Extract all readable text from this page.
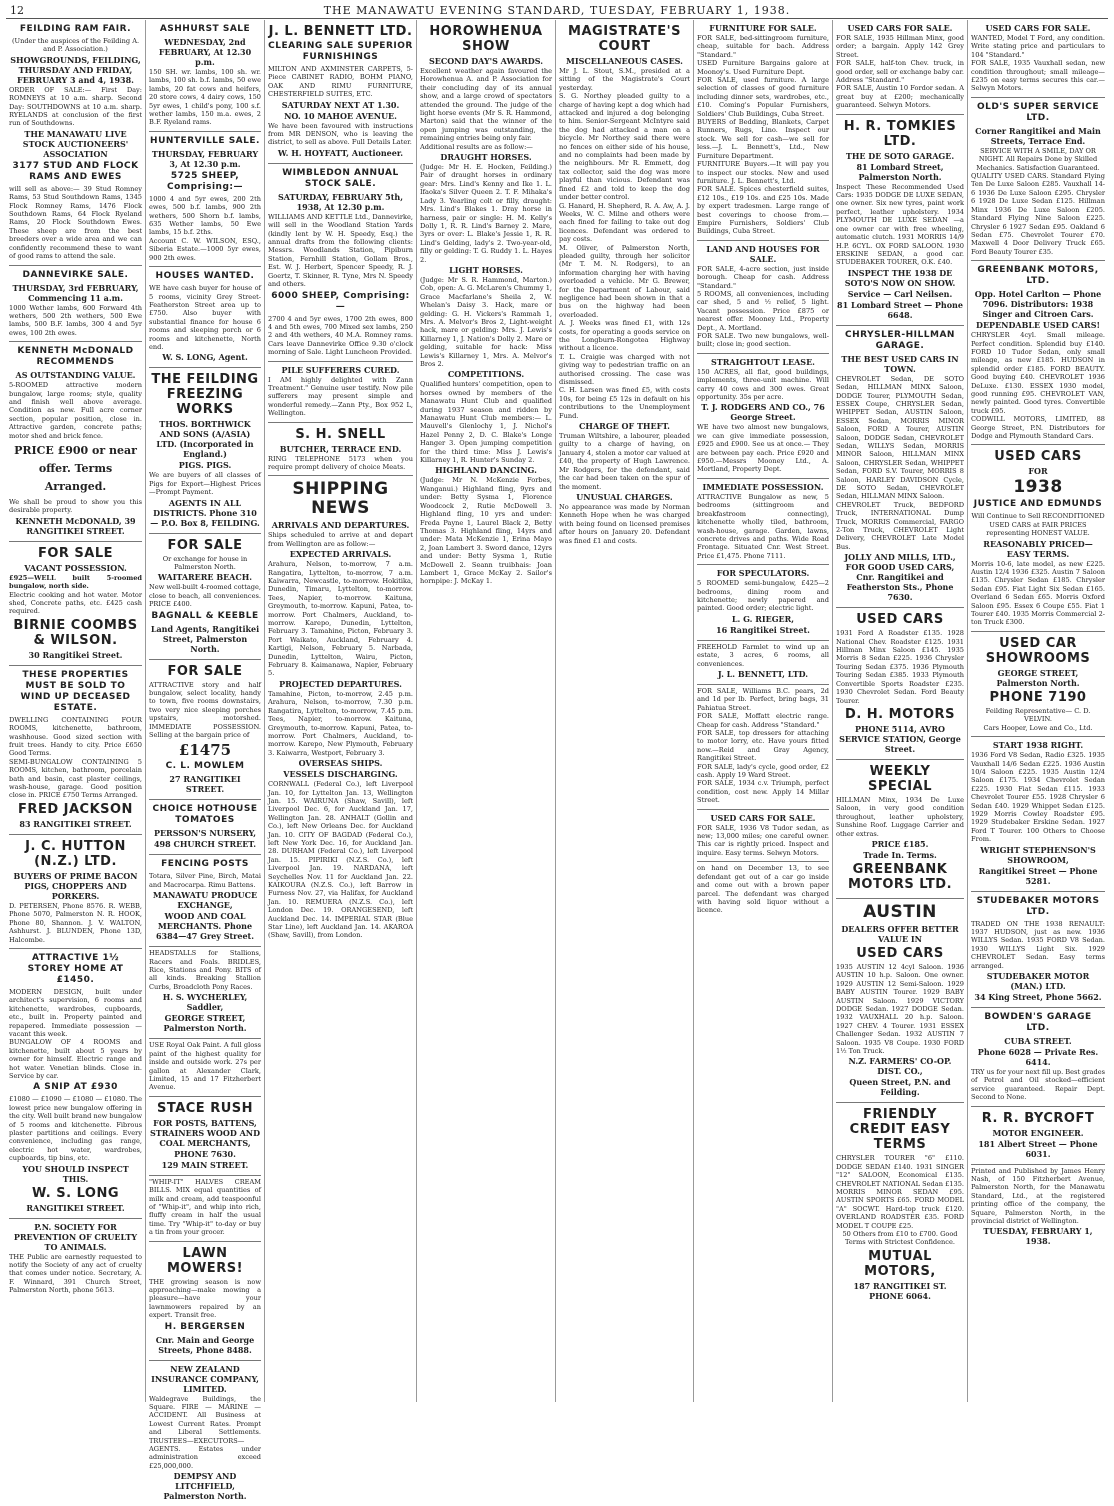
12	THE MANAWATU EVENING STANDARD, TUESDAY, FEBRUARY 1, 1938.
FEILDING RAM FAIR.

(Under the auspices of the Feilding A. and P. Association.)

SHOWGROUNDS, FEILDING, THURSDAY AND FRIDAY, FEBRUARY 3 and 4, 1938.

ORDER OF SALE:— First Day: ROMNEYS at 10 a.m. sharp. Second Day: SOUTHDOWNS at 10 a.m. sharp. RYELANDS at conclusion of the first run of Southdowns.

THE MANAWATU LIVE STOCK AUCTIONEERS' ASSOCIATION
3177 STUD AND FLOCK RAMS AND EWES

will sell as above:— 39 Stud Romney Rams, 53 Stud Southdown Rams, 1345 Flock Romney Rams, 1476 Flock Southdown Rams, 64 Flock Ryeland Rams, 20 Flock Southdown Ewes. These sheep are from the best breeders over a wide area and we can confidently recommend these to want of good rams to attend the sale.

DANNEVIRKE SALE.
THURSDAY, 3rd FEBRUARY, Commencing 11 a.m.

1000 Wether lambs, 600 Forward 4th wethers, 500 2th wethers, 500 Ewe lambs, 500 B.F. lambs, 300 4 and 5yr ewes, 100 2th ewes.

KENNETH McDONALD RECOMMENDS
AS OUTSTANDING VALUE.

5-ROOMED attractive modern bungalow, large rooms; style, quality and finish well above average. Condition as new. Full acre corner section, popular position, close in. Attractive garden, concrete paths; motor shed and brick fence.

PRICE £900 or near offer. Terms Arranged.

We shall be proud to show you this desirable property.

KENNETH McDONALD, 39 RANGITIKEI STREET.
FOR SALE
VACANT POSSESSION.

£925—WELL built 5-roomed bungalow, north side.

Electric cooking and hot water. Motor shed, Concrete paths, etc. £425 cash required.

BIRNIE COOMBS & WILSON.
30 Rangitikei Street.
THESE PROPERTIES MUST BE SOLD TO WIND UP DECEASED ESTATE.

DWELLING CONTAINING FOUR ROOMS, kitchenette, bathroom, washhouse. Good sized section with fruit trees. Handy to city. Price £650 Good Terms.

SEMI-BUNGALOW CONTAINING 5 ROOMS, kitchen, bathroom, porcelain bath and basin, cast plaster ceilings, wash-house, garage. Good position close in. PRICE £750 Terms Arranged.

FRED JACKSON
83 RANGITIKEI STREET.
J. C. HUTTON (N.Z.) LTD.
BUYERS OF PRIME BACON PIGS, CHOPPERS AND PORKERS.

D. PETERSEN, Phone 8576. R. WEBB, Phone 5070, Palmerston N. R. HOOK, Phone 80, Shannon. J. V. WALTON, Ashhurst. J. BLUNDEN, Phone 13D, Halcombe.

ATTRACTIVE 1½ STOREY HOME AT £1450.

MODERN DESIGN, built under architect's supervision, 6 rooms and kitchenette, wardrobes, cupboards, etc., built in. Property painted and repapered. Immediate possession — vacant this week.

BUNGALOW OF 4 ROOMS and kitchenette, built about 5 years by owner for himself. Electric range and hot water. Venetian blinds. Close in. Service by car.

A SNIP AT £930

£1080 — £1090 — £1080 — £1080. The lowest price new bungalow offering in the city. Well built brand new bungalow of 5 rooms and kitchenette. Fibrous plaster partitions and ceilings. Every convenience, including gas range, electric hot water, wardrobes, cupboards, tip bins, etc.

YOU SHOULD INSPECT THIS.
W. S. LONG
RANGITIKEI STREET.
P.N. SOCIETY FOR PREVENTION OF CRUELTY TO ANIMALS.

THE Public are earnestly requested to notify the Society of any act of cruelty that comes under notice. Secretary, A. F. Winnard, 391 Church Street, Palmerston North, phone 5613.

ASHHURST SALE
WEDNESDAY, 2nd FEBRUARY, At 12.30 p.m.

150 SH. wr. lambs, 100 sh. wr. lambs, 100 sh. b.f. lambs, 50 ewe lambs, 20 fat cows and heifers, 20 store cows, 4 dairy cows, 150 5yr ewes, 1 child's pony, 100 s.f. wether lambs, 150 m.a. ewes, 2 B.F. Ryeland rams.

HUNTERVILLE SALE.
THURSDAY, FEBRUARY 3, At 12.30 p.m.
5725 SHEEP, Comprising:—

1000 4 and 5yr ewes, 200 2th ewes, 500 b.f. lambs, 900 2th wethers, 500 Shorn b.f. lambs, 635 Wether lambs, 50 Ewe lambs, 15 b.f. 2ths.

Account C. W. WILSON, ESQ., Siberia Estate.—1000 5yr ewes, 900 2th ewes.

HOUSES WANTED.

WE have cash buyer for house of 5 rooms, vicinity Grey Street-Featherston Street area up to £750. Also buyer with substantial finance for house 6 rooms and sleeping porch or 6 rooms and kitchenette, North end.

W. S. LONG, Agent.
THE FEILDING FREEZING WORKS
THOS. BORTHWICK AND SONS (A/ASIA) LTD. (Incorporated in England.)
PIGS. PIGS.

We are buyers of all classes of Pigs for Export—Highest Prices—Prompt Payment.

AGENTS IN ALL DISTRICTS. Phone 310 — P.O. Box 8, FEILDING.
FOR SALE

Or exchange for house in Palmerston North.

WAITARERE BEACH.

New well-built 4-roomed cottage, close to beach, all conveniences. PRICE £400.

BAGNALL & KEEBLE
Land Agents, Rangitikei Street, Palmerston North.
FOR SALE

ATTRACTIVE story and half bungalow, select locality, handy to town, five rooms downstairs, two very nice sleeping porches upstairs, motorshed. IMMEDIATE POSSESSION. Selling at the bargain price of

£1475
C. L. MOWLEM
27 RANGITIKEI STREET.
CHOICE HOTHOUSE TOMATOES
PERSSON'S NURSERY,
498 CHURCH STREET.
FENCING POSTS

Totara, Silver Pine, Birch, Matai and Macrocarpa. Rimu Battens.

MANAWATU PRODUCE EXCHANGE,
WOOD AND COAL MERCHANTS. Phone 6384—47 Grey Street.

HEADSTALLS for Stallions, Racers and Foals. BRIDLES, Rice, Stations and Pony. BITS of all kinds. Breaking Stallion Curbs, Broadcloth Pony Races.

H. S. WYCHERLEY, Saddler,
GEORGE STREET, Palmerston North.

USE Royal Oak Paint. A full gloss paint of the highest quality for inside and outside work. 27s per gallon at Alexander Clark, Limited, 15 and 17 Fitzherbert Avenue.

STACE RUSH
FOR POSTS, BATTENS, STRAINERS WOOD AND COAL MERCHANTS,
PHONE 7630.
129 MAIN STREET.

"WHIP-IT" HALVES CREAM BILLS. MIX equal quantities of milk and cream, add teaspoonful of "Whip-it", and whip into rich, fluffy cream in half the usual time. Try "Whip-it" to-day or buy a tin from your grocer.

LAWN MOWERS!

THE growing season is now approaching—make mowing a pleasure—have your lawnmowers repaired by an expert. Transit free.

H. BERGERSEN
Cnr. Main and George Streets, Phone 8488.
NEW ZEALAND INSURANCE COMPANY, LIMITED.

Waldegrave Buildings, the Square. FIRE — MARINE — ACCIDENT. All Business at Lowest Current Rates. Prompt and Liberal Settlements. TRUSTEES—EXECUTORS—AGENTS. Estates under administration exceed £25,000,000.

DEMPSY AND LITCHFIELD, Palmerston North.
J. L. BENNETT LTD.
CLEARING SALE SUPERIOR FURNISHINGS

MILTON AND AXMINSTER CARPETS, 5-Piece CABINET RADIO, BOHM PIANO, OAK AND RIMU FURNITURE, CHESTERFIELD SUITES, ETC.

SATURDAY NEXT AT 1.30.
NO. 10 MAHOE AVENUE.

We have been favoured with instructions from MR DENSON, who is leaving the district, to sell as above. Full Details Later.

W. H. HOYFATT, Auctioneer.
WIMBLEDON ANNUAL STOCK SALE.
SATURDAY, FEBRUARY 5th, 1938, At 12.30 p.m.

WILLIAMS AND KETTLE Ltd., Dannevirke, will sell in the Woodland Station Yards (kindly lent by W. H. Speedy, Esq.) the annual drafts from the following clients: Messrs. Woodlands Station, Pipiburn Station, Fernhill Station, Gollam Bros., Est. W. J. Herbert, Spencer Speedy, R. J. Goertz, T. Skinner, R. Tyne, Mrs N. Speedy and others.

6000 SHEEP, Comprising:—

2700 4 and 5yr ewes, 1700 2th ewes, 800 4 and 5th ewes, 700 Mixed sex lambs, 250 2 and 4th wethers, 40 M.A. Romney rams. Cars leave Dannevirke Office 9.30 o'clock morning of Sale. Light Luncheon Provided.

PILE SUFFERERS CURED.

I AM highly delighted with Zann Treatment." Genuine user testify. Now pile sufferers may present simple and wonderful remedy.—Zann Pty., Box 952 L, Wellington.

S. H. SNELL
BUTCHER, TERRACE END.

RING TELEPHONE 5173 when you require prompt delivery of choice Meats.

SHIPPING NEWS
ARRIVALS AND DEPARTURES.

Ships scheduled to arrive at and depart from Wellington are as follow:—

EXPECTED ARRIVALS.

Arahura, Nelson, to-morrow, 7 a.m. Rangatira, Lyttelton, to-morrow, 7 a.m. Kaiwarra, Newcastle, to-morrow. Hokitika, Dunedin, Timaru, Lyttelton, to-morrow. Tees, Napier, to-morrow. Kaituna, Greymouth, to-morrow. Kapuni, Patea, to-morrow. Port Chalmers, Auckland, to-morrow. Karepo, Dunedin, Lyttelton, February 3. Tamahine, Picton, February 3. Port Waikato, Auckland, February 4. Kartigi, Nelson, February 5. Narbada, Dunedin, Lyttelton, Wairu, Picton, February 8. Kaimanawa, Napier, February 5.

PROJECTED DEPARTURES.

Tamahine, Picton, to-morrow, 2.45 p.m. Arahura, Nelson, to-morrow, 7.30 p.m. Rangatira, Lyttelton, to-morrow, 7.45 p.m. Tees, Napier, to-morrow. Kaituna, Greymouth, to-morrow. Kapuni, Patea, to-morrow. Port Chalmers, Auckland, to-morrow. Karepo, New Plymouth, February 3. Kaiwarra, Westport, February 3.

OVERSEAS SHIPS.
VESSELS DISCHARGING.

CORNWALL (Federal Co.), left Liverpool Jan. 10, for Lyttelton Jan. 13, Wellington Jan. 15. WAIRUNA (Shaw, Savill), left Liverpool Dec. 6, for Auckland Jan. 17, Wellington Jan. 28. ANHALT (Gollin and Co.), left New Orleans Dec. for Auckland Jan. 10. CITY OF BAGDAD (Federal Co.), left New York Dec. 16, for Auckland Jan. 28. DURHAM (Federal Co.), left Liverpool Jan. 15. PIPIRIKI (N.Z.S. Co.), left Liverpool Jan. 19. NARDANA, left Seychelles Nov. 11 for Auckland Jan. 22. KAIKOURA (N.Z.S. Co.), left Barrow in Furness Nov. 27, via Halifax, for Auckland Jan. 10. REMUERA (N.Z.S. Co.), left London Dec. 19. ORANGESEND, left Auckland Dec. 14. IMPERIAL STAR (Blue Star Line), left Auckland Jan. 14. AKAROA (Shaw, Savill), from London.

HOROWHENUA SHOW
SECOND DAY'S AWARDS.

Excellent weather again favoured the Horowhenua A. and P. Association for their concluding day of its annual show, and a large crowd of spectators attended the ground. The judge of the light horse events (Mr S. R. Hammond, Marton) said that the winner of the open jumping was outstanding, the remaining entries being only fair.

Additional results are as follow:—

DRAUGHT HORSES.

(Judge: Mr H. E. Hocken, Feilding.) Pair of draught horses in ordinary gear: Mrs. Lind's Kenny and Ike 1. L. Ifaoka's Silver Queen 2. T. F. Mihaka's Lady 3. Yearling colt or filly, draught: Mrs. Lind's Blakes 1. Dray horse in harness, pair or single: H. M. Kelly's Dolly 1, R. R. Lind's Barney 2. Mare, 3yrs or over: L. Blake's Jessie 1, R. R. Lind's Gelding, lady's 2. Two-year-old, filly or gelding: T. G. Ruddy 1. L. Hayes 2.

LIGHT HORSES.

(Judge: Mr S. R. Hammond, Marton.) Cob, open: A. G. McLaren's Chummy 1, Grace Macfarlane's Sheila 2, W. Whelan's Daisy 3. Hack, mare or gelding: G. H. Vickers's Rammah 1, Mrs. A. Melvor's Bros 2, Light-weight hack, mare or gelding: Mrs. J. Lewis's Killarney 1, J. Nation's Dolly 2. Mare or gelding, suitable for hack: Miss Lewis's Killarney 1, Mrs. A. Melvor's Bros 2.

COMPETITIONS.

Qualified hunters' competition, open to horses owned by members of the Manawatu Hunt Club and qualified during 1937 season and ridden by Manawatu Hunt Club members:— L. Mauvell's Glenlochy 1, J. Nichol's Hazel Penny 2, D. C. Blake's Longe Hanger 3. Open jumping competition for the third time: Miss J. Lewis's Killarney 1, R. Hunter's Sunday 2.

HIGHLAND DANCING.

(Judge: Mr N. McKenzie Forbes, Wanganui.) Highland fling, 9yrs and under: Betty Sysma 1, Florence Woodcock 2, Rutie McDowell 3. Highland fling, 10 yrs and under: Freda Payne 1, Laurel Black 2, Betty Thomas 3. Highland fling, 14yrs and under: Mata McKenzie 1, Erina Mayo 2, Joan Lambert 3. Sword dance, 12yrs and under: Betty Sysma 1, Rutie McDowell 2. Seann truibhais: Joan Lambert 1, Grace McKay 2. Sailor's hornpipe: J. McKay 1.

MAGISTRATE'S COURT
MISCELLANEOUS CASES.

Mr J. L. Stout, S.M., presided at a sitting of the Magistrate's Court yesterday.

S. G. Northey pleaded guilty to a charge of having kept a dog which had attacked and injured a dog belonging to him. Senior-Sergeant McIntyre said the dog had attacked a man on a bicycle. Mr Northey said there were no fences on either side of his house, and no complaints had been made by the neighbours. Mr R. Emmett, dog tax collector, said the dog was more playful than vicious. Defendant was fined £2 and told to keep the dog under better control.

G. Hanard, H. Shepherd, R. A. Aw, A. J. Weeks, W. C. Milne and others were each fined for failing to take out dog licences. Defendant was ordered to pay costs.

M. Oliver, of Palmerston North, pleaded guilty, through her solicitor (Mr T. M. N. Rodgers), to an information charging her with having overloaded a vehicle. Mr G. Brewer, for the Department of Labour, said negligence had been shown in that a bus on the highway had been overloaded.

A. J. Weeks was fined £1, with 12s costs, for operating a goods service on the Longburn-Rongotea Highway without a licence.

T. L. Craigie was charged with not giving way to pedestrian traffic on an authorised crossing. The case was dismissed.

C. H. Larsen was fined £5, with costs 10s, for being £5 12s in default on his contributions to the Unemployment Fund.

CHARGE OF THEFT.

Truman Wiltshire, a labourer, pleaded guilty to a charge of having, on January 4, stolen a motor car valued at £40, the property of Hugh Lawrence. Mr Rodgers, for the defendant, said the car had been taken on the spur of the moment.

UNUSUAL CHARGES.

No appearance was made by Norman Kenneth Hope when he was charged with being found on licensed premises after hours on January 20. Defendant was fined £1 and costs.

FURNITURE FOR SALE.

FOR SALE, bed-sittingroom furniture, cheap, suitable for bach. Address "Standard."

USED Furniture Bargains galore at Moonoy's. Used Furniture Dept.

FOR SALE, used furniture. A large selection of classes of good furniture including dinner sets, wardrobes, etc., £10. Coming's Popular Furnishers, Soldiers' Club Buildings, Cuba Street.

BUYERS of Bedding, Blankets, Carpet Runners, Rugs, Lino. Inspect our stock. We sell for cash—we sell for less.—J. L. Bennett's, Ltd., New Furniture Department.

FURNITURE Buyers.—It will pay you to inspect our stocks. New and used furniture. J. L. Bennett's, Ltd.

FOR SALE. Spices chesterfield suites, £12 10s., £19 10s. and £25 10s. Made by expert tradesmen. Large range of best coverings to choose from.—Empire Furnishers, Soldiers' Club Buildings, Cuba Street.

LAND AND HOUSES FOR SALE.

FOR SALE, 4-acre section, just inside borough. Cheap for cash. Address "Standard."

5 ROOMS, all conveniences, including car shed, 5 and ½ relief, 5 light. Vacant possession. Price £875 or nearest offer. Mooney Ltd., Property Dept., A. Mortland.

FOR SALE. Two new bungalows, well-built; close in; good section.

STRAIGHTOUT LEASE.

150 ACRES, all flat, good buildings, implements, three-unit machine. Will carry 40 cows and 300 ewes. Great opportunity. 35s per acre.

T. J. RODGERS AND CO., 76 George Street.

WE have two almost new bungalows, we can give immediate possession, £925 and £900. See us at once.— They are between pay each. Price £920 and £950.—Messrs Mooney Ltd., A. Mortland, Property Dept.

IMMEDIATE POSSESSION.

ATTRACTIVE Bungalow as new, 5 bedrooms (sittingroom and breakfastroom connecting), kitchenette wholly tiled, bathroom, wash-house, garage. Garden, lawns, concrete drives and paths. Wide Road Frontage. Situated Cnr. West Street. Price £1,475. Phone 7111.

FOR SPECULATORS.

5 ROOMED semi-bungalow, £425—2 bedrooms, dining room and kitchenette; newly papered and painted. Good order; electric light.

L. G. RIEGER,
16 Rangitikei Street.

FREEHOLD Farmlet to wind up an estate, 3 acres, 6 rooms, all conveniences.

J. L. BENNETT, LTD.

FOR SALE, Williams B.C. pears, 2d and 1d per lb. Perfect, bring bags, 31 Pahiatua Street.

FOR SALE, Moffatt electric range. Cheap for cash. Address "Standard."

FOR SALE, top dressers for attaching to motor lorry, etc. Have yours fitted now.—Reid and Gray Agency, Rangitikei Street.

FOR SALE, lady's cycle, good order, £2 cash. Apply 19 Ward Street.

FOR SALE, 1934 c.v. Triumph, perfect condition, cost new. Apply 14 Millar Street.

USED CARS FOR SALE.

FOR SALE, 1936 V8 Tudor sedan, as new; 13,000 miles; one careful owner. This car is rightly priced. Inspect and inquire. Easy terms. Selwyn Motors.

on hand on December 13, to see defendant get out of a car go inside and come out with a brown paper parcel. The defendant was charged with having sold liquor without a licence.

USED CARS FOR SALE.

FOR SALE, 1935 Hillman Minx, good order; a bargain. Apply 142 Grey Street.

FOR SALE, half-ton Chev. truck, in good order, sell or exchange baby car. Address "Standard."

FOR SALE, Austin 10 Fordor sedan. A great buy at £200; mechanically guaranteed. Selwyn Motors.

H. R. TOMKIES LTD.
THE DE SOTO GARAGE.
81 Lombard Street, Palmerston North.

Inspect These Recommended Used Cars: 1935 DODGE DE LUXE SEDAN, one owner. Six new tyres, paint work perfect, leather upholstery. 1934 PLYMOUTH DE LUXE SEDAN —a one owner car with free wheeling, automatic clutch. 1931 MORRIS 14/9 H.P. 6CYL. OX FORD SALOON. 1930 ERSKINE SEDAN, a good car. STUDEBAKER TOURER, O.K. £40.

INSPECT THE 1938 DE SOTO'S NOW ON SHOW.
Service — Carl Neilsen.
81 Lombard Street — Phone 6648.
CHRYSLER-HILLMAN GARAGE.
THE BEST USED CARS IN TOWN.

CHEVROLET Sedan, DE SOTO Sedan, HILLMAN MINX Saloon, DODGE Tourer, PLYMOUTH Sedan, ESSEX Coupe, CHRYSLER Sedan, WHIPPET Sedan, AUSTIN Saloon, ESSEX Sedan, MORRIS MINOR Saloon, FORD A Tourer, AUSTIN Saloon, DODGE Sedan, CHEVROLET Sedan, WILLYS Sedan, MORRIS MINOR Saloon, HILLMAN MINX Saloon, CHRYSLER Sedan, WHIPPET Sedan, FORD S.V. Tourer, MORRIS 8 Saloon, HARLEY DAVIDSON Cycle, DE SOTO Sedan, CHEVROLET Sedan, HILLMAN MINX Saloon.

CHEVROLET Truck, BEDFORD Truck, INTERNATIONAL Dump Truck, MORRIS Commercial, FARGO 2-Ton Truck, CHEVROLET Light Delivery, CHEVROLET Late Model Bus.

JOLLY AND MILLS, LTD., FOR GOOD USED CARS, Cnr. Rangitikei and Featherston Sts., Phone 7630.
USED CARS

1931 Ford A Roadster £135. 1928 National Chev. Roadster £125. 1931 Hillman Minx Saloon £145. 1935 Morris 8 Sedan £225. 1936 Chrysler Touring Sedan £375. 1936 Plymouth Touring Sedan £385. 1933 Plymouth Convertible Sports Roadster £235. 1930 Chevrolet Sedan. Ford Beauty Tourer.

D. H. MOTORS
PHONE 5114, AVRO SERVICE STATION, George Street.
WEEKLY SPECIAL

HILLMAN Minx, 1934 De Luxe Saloon, in very good condition throughout, leather upholstery, Sunshine Roof. Luggage Carrier and other extras.

PRICE £185.
Trade In. Terms.
GREENBANK MOTORS LTD.
AUSTIN
DEALERS OFFER BETTER VALUE IN
USED CARS

1935 AUSTIN 12 4cyl Saloon. 1936 AUSTIN 10 h.p. Saloon. One owner. 1929 AUSTIN 12 Semi-Saloon. 1929 BABY AUSTIN Tourer. 1929 BABY AUSTIN Saloon. 1929 VICTORY DODGE Sedan. 1927 DODGE Sedan. 1932 VAUXHALL 20 h.p. Saloon. 1927 CHEV. 4 Tourer. 1931 ESSEX Challenger Sedan. 1932 AUSTIN 7 Saloon. 1935 V8 Coupe. 1930 FORD 1½ Ton Truck.

N.Z. FARMERS' CO-OP. DIST. CO.,
Queen Street, P.N. and Feilding.
FRIENDLY CREDIT EASY TERMS

CHRYSLER TOURER "6" £110. DODGE SEDAN £140. 1931 SINGER "12" SALOON, Economical £135. CHEVROLET NATIONAL Sedan £135. MORRIS MINOR SEDAN £95. AUSTIN SPORTS £65. FORD MODEL "A" SOCWT. Hard-top truck £120. OVERLAND ROADSTER £35. FORD MODEL T COUPE £25.

50 Others from £10 to £700. Good Terms with Strictest Confidence.

MUTUAL MOTORS,
187 RANGITIKEI ST. PHONE 6064.
USED CARS FOR SALE.

WANTED, Model T Ford, any condition. Write stating price and particulars to 104 "Standard."

FOR SALE, 1935 Vauxhall sedan, new condition throughout; small mileage—£235 on easy terms secures this car.—Selwyn Motors.

OLD'S SUPER SERVICE LTD.
Corner Rangitikei and Main Streets, Terrace End.

SERVICE WITH A SMILE, DAY OR NIGHT. All Repairs Done by Skilled Mechanics. Satisfaction Guaranteed.

QUALITY USED CARS. Standard Flying Ten De Luxe Saloon £285. Vauxhall 14-6 1936 De Luxe Saloon £295. Chrysler 6 1928 De Luxe Sedan £125. Hillman Minx 1936 De Luxe Saloon £205. Standard Flying Nine Saloon £225. Chrysler 6 1927 Sedan £95. Oakland 6 Sedan £75. Chevrolet Tourer £70. Maxwell 4 Door Delivery Truck £65. Ford Beauty Tourer £35.

GREENBANK MOTORS, LTD.
Opp. Hotel Carlton — Phone 7096. Distributors: 1938 Singer and Citroen Cars.
DEPENDABLE USED CARS!

CHRYSLER 4cyl. Small mileage. Perfect condition. Splendid buy £140. FORD 10 Tudor Sedan, only small mileage, as new £185. HUDSON in splendid order £185. FORD BEAUTY. Good buying £40. CHEVROLET 1936 DeLuxe. £130. ESSEX 1930 model, good running £95. CHEVROLET VAN, newly painted. Good tyres. Convertible truck £95.

CODWILL MOTORS, LIMITED, 88 George Street, P.N. Distributors for Dodge and Plymouth Standard Cars.

USED CARS
FOR
1938
JUSTICE AND EDMUNDS

Will Continue to Sell RECONDITIONED USED CARS at FAIR PRICES representing HONEST VALUE.

REASONABLY PRICED— EASY TERMS.

Morris 10-6, late model, as new £225. Austin 12/4 1936 £325. Austin 7 Saloon £135. Chrysler Sedan £185. Chrysler Sedan £95. Fiat Light Six Sedan £165. Overland 6 Sedan £65. Morris Oxford Saloon £95. Essex 6 Coupe £55. Fiat 1 Tourer £40. 1935 Morris Commercial 2-ton Truck £300.

USED CAR SHOWROOMS
GEORGE STREET, Palmerston North.
PHONE 7190

Feilding Representative— C. D. VELVIN.

Cars Hooper, Lowe and Co., Ltd.

START 1938 RIGHT.

1936 Ford V8 Sedan, Radio £325. 1935 Vauxhall 14/6 Sedan £225. 1936 Austin 10/4 Saloon £225. 1935 Austin 12/4 Saloon £175. 1934 Chevrolet Sedan £225. 1930 Fiat Sedan £115. 1933 Chevrolet Tourer £55. 1928 Chrysler 6 Sedan £40. 1929 Whippet Sedan £125. 1929 Morris Cowley Roadster £95. 1929 Studebaker Erskine Sedan. 1927 Ford T Tourer. 100 Others to Choose From.

WRIGHT STEPHENSON'S SHOWROOM,
Rangitikei Street — Phone 5281.
STUDEBAKER MOTORS LTD.

TRADED ON THE 1938 RENAULT: 1937 HUDSON, just as new. 1936 WILLYS Sedan. 1935 FORD V8 Sedan. 1930 WILLYS Light Six. 1929 CHEVROLET Sedan. Easy terms arranged.

STUDEBAKER MOTOR (MAN.) LTD.
34 King Street, Phone 5662.
BOWDEN'S GARAGE LTD.
CUBA STREET.
Phone 6028 — Private Res. 6414.

TRY us for your next fill up. Best grades of Petrol and Oil stocked—efficient service guaranteed. Repair Dept. Second to None.

R. R. BYCROFT
MOTOR ENGINEER.
181 Albert Street — Phone 6031.

Printed and Published by James Henry Nash, of 150 Fitzherbert Avenue, Palmerston North, for the Manawatu Standard, Ltd., at the registered printing office of the company, the Square, Palmerston North, in the provincial district of Wellington.

TUESDAY, FEBRUARY 1, 1938.
